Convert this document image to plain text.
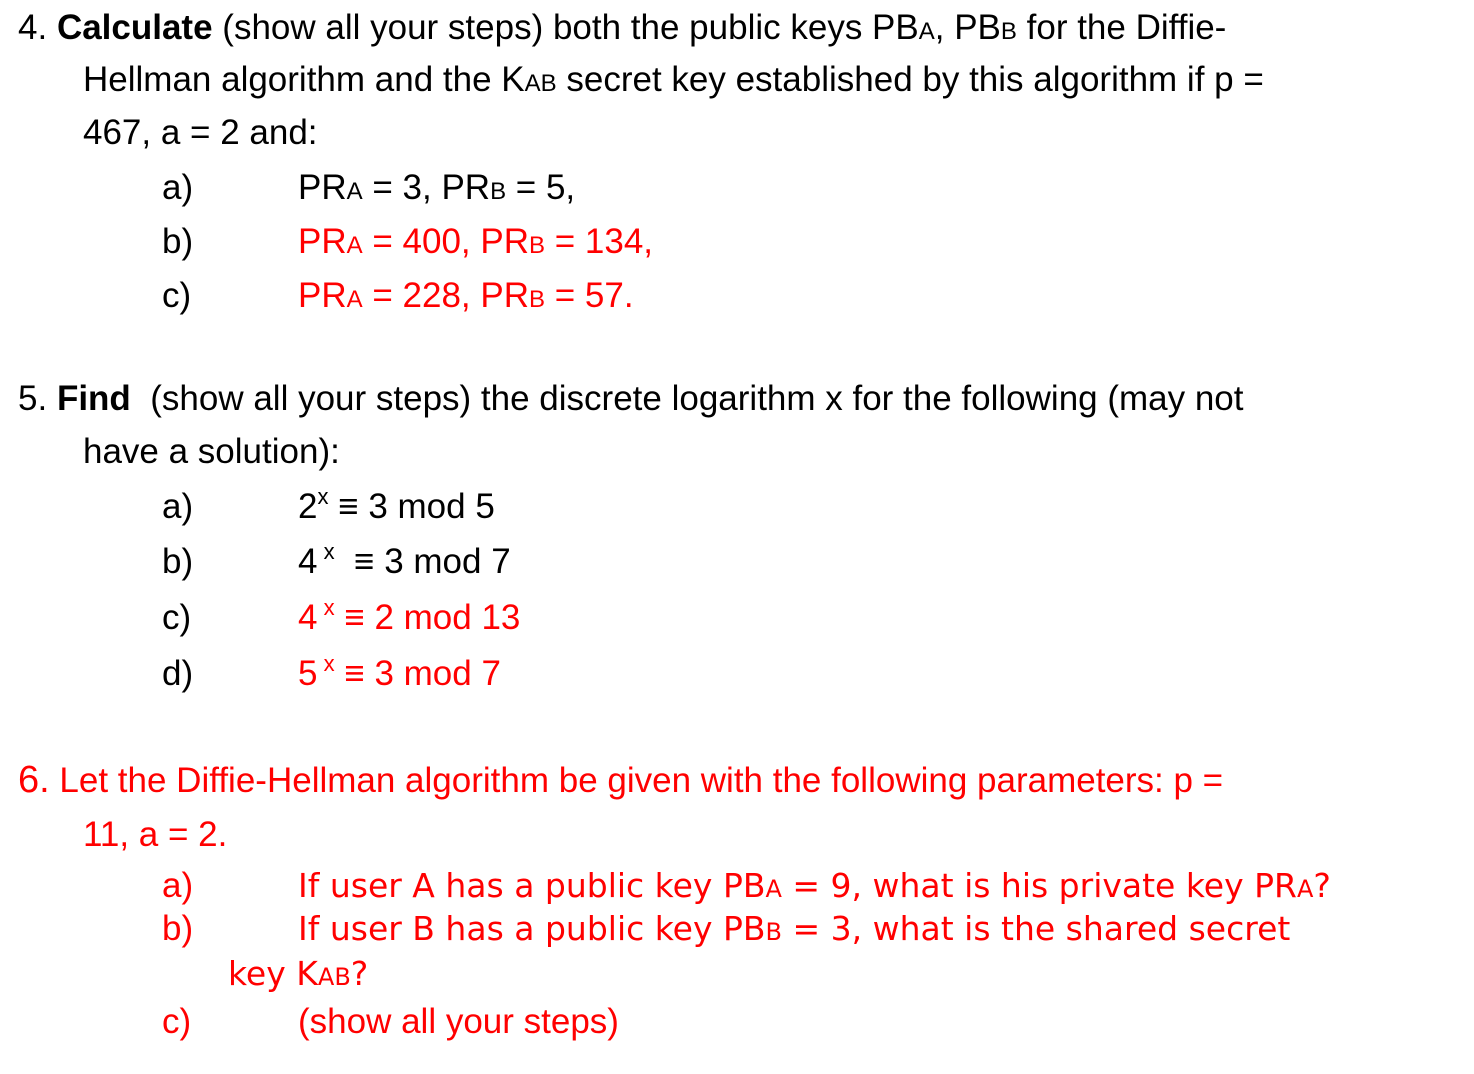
4. Calculate (show all your steps) both the public keys PBA, PBB for the Diffie-
Hellman algorithm and the KAB secret key established by this algorithm if p =
467, a = 2 and:
a)	PRA = 3, PRB = 5,
b)	PRA = 400, PRB = 134,
c)	PRA = 228, PRB = 57.
5. Find  (show all your steps) the discrete logarithm x for the following (may not
have a solution):
a)	$2^x \equiv 3$ mod 5
b)	4 $^x$  ≡ 3 mod 7
c)	4 $^x$ ≡ 2 mod 13
d)	5 $^x$ ≡ 3 mod 7
6. Let the Diffie-Hellman algorithm be given with the following parameters: p =
11, a = 2.
a)	If user A has a public key PBA = 9, what is his private key PRA?
b)	If user B has a public key PBB = 3, what is the shared secret
key KAB?
c)	(show all your steps)
